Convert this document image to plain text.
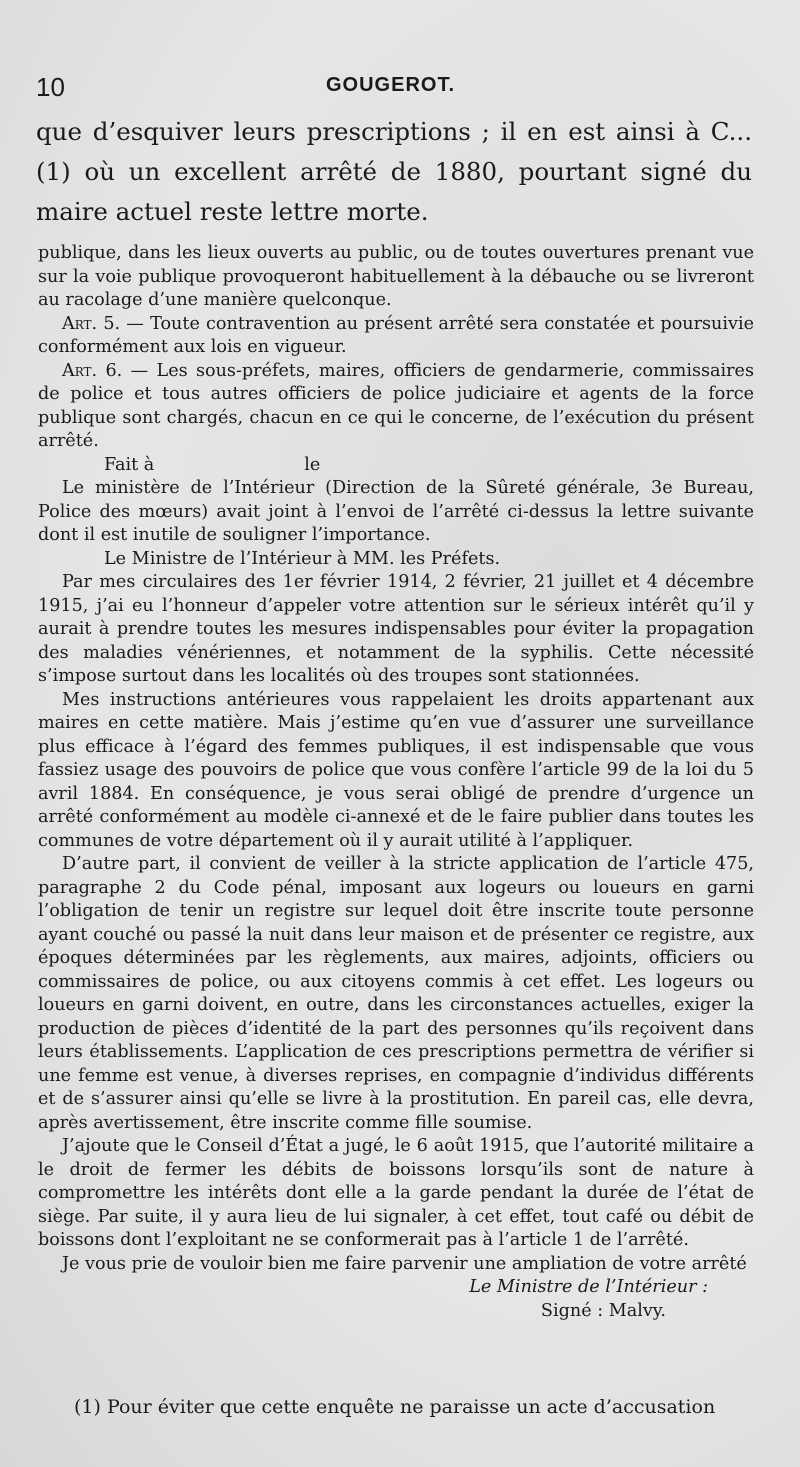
10	GOUGEROT.
que d’esquiver leurs prescriptions ; il en est ainsi à C... (1) où un excellent arrêté de 1880, pourtant signé du maire actuel reste lettre morte.

publique, dans les lieux ouverts au public, ou de toutes ouvertures prenant vue sur la voie publique provoqueront habituellement à la débauche ou se livreront au racolage d’une manière quelconque.

Art. 5. — Toute contravention au présent arrêté sera constatée et poursuivie conformément aux lois en vigueur.

Art. 6. — Les sous-préfets, maires, officiers de gendarmerie, commissaires de police et tous autres officiers de police judiciaire et agents de la force publique sont chargés, chacun en ce qui le concerne, de l’exécution du présent arrêté.

Fait à	le

Le ministère de l’Intérieur (Direction de la Sûreté générale, 3e Bureau, Police des mœurs) avait joint à l’envoi de l’arrêté ci-dessus la lettre suivante dont il est inutile de souligner l’importance.

Le Ministre de l’Intérieur à MM. les Préfets.

Par mes circulaires des 1er février 1914, 2 février, 21 juillet et 4 décembre 1915, j’ai eu l’honneur d’appeler votre attention sur le sérieux intérêt qu’il y aurait à prendre toutes les mesures indispensables pour éviter la propagation des maladies vénériennes, et notamment de la syphilis. Cette nécessité s’impose surtout dans les localités où des troupes sont stationnées.

Mes instructions antérieures vous rappelaient les droits appartenant aux maires en cette matière. Mais j’estime qu’en vue d’assurer une surveillance plus efficace à l’égard des femmes publiques, il est indispensable que vous fassiez usage des pouvoirs de police que vous confère l’article 99 de la loi du 5 avril 1884. En conséquence, je vous serai obligé de prendre d’urgence un arrêté conformément au modèle ci-annexé et de le faire publier dans toutes les communes de votre département où il y aurait utilité à l’appliquer.

D’autre part, il convient de veiller à la stricte application de l’article 475, paragraphe 2 du Code pénal, imposant aux logeurs ou loueurs en garni l’obligation de tenir un registre sur lequel doit être inscrite toute personne ayant couché ou passé la nuit dans leur maison et de présenter ce registre, aux époques déterminées par les règlements, aux maires, adjoints, officiers ou commissaires de police, ou aux citoyens commis à cet effet. Les logeurs ou loueurs en garni doivent, en outre, dans les circonstances actuelles, exiger la production de pièces d’identité de la part des personnes qu’ils reçoivent dans leurs établissements. L’application de ces prescriptions permettra de vérifier si une femme est venue, à diverses reprises, en compagnie d’individus différents et de s’assurer ainsi qu’elle se livre à la prostitution. En pareil cas, elle devra, après avertissement, être inscrite comme fille soumise.

J’ajoute que le Conseil d’État a jugé, le 6 août 1915, que l’autorité militaire a le droit de fermer les débits de boissons lorsqu’ils sont de nature à compromettre les intérêts dont elle a la garde pendant la durée de l’état de siège. Par suite, il y aura lieu de lui signaler, à cet effet, tout café ou débit de boissons dont l’exploitant ne se conformerait pas à l’article 1 de l’arrêté.

Je vous prie de vouloir bien me faire parvenir une ampliation de votre arrêté

Le Ministre de l’Intérieur :

Signé : Malvy.

(1) Pour éviter que cette enquête ne paraisse un acte d’accusation
